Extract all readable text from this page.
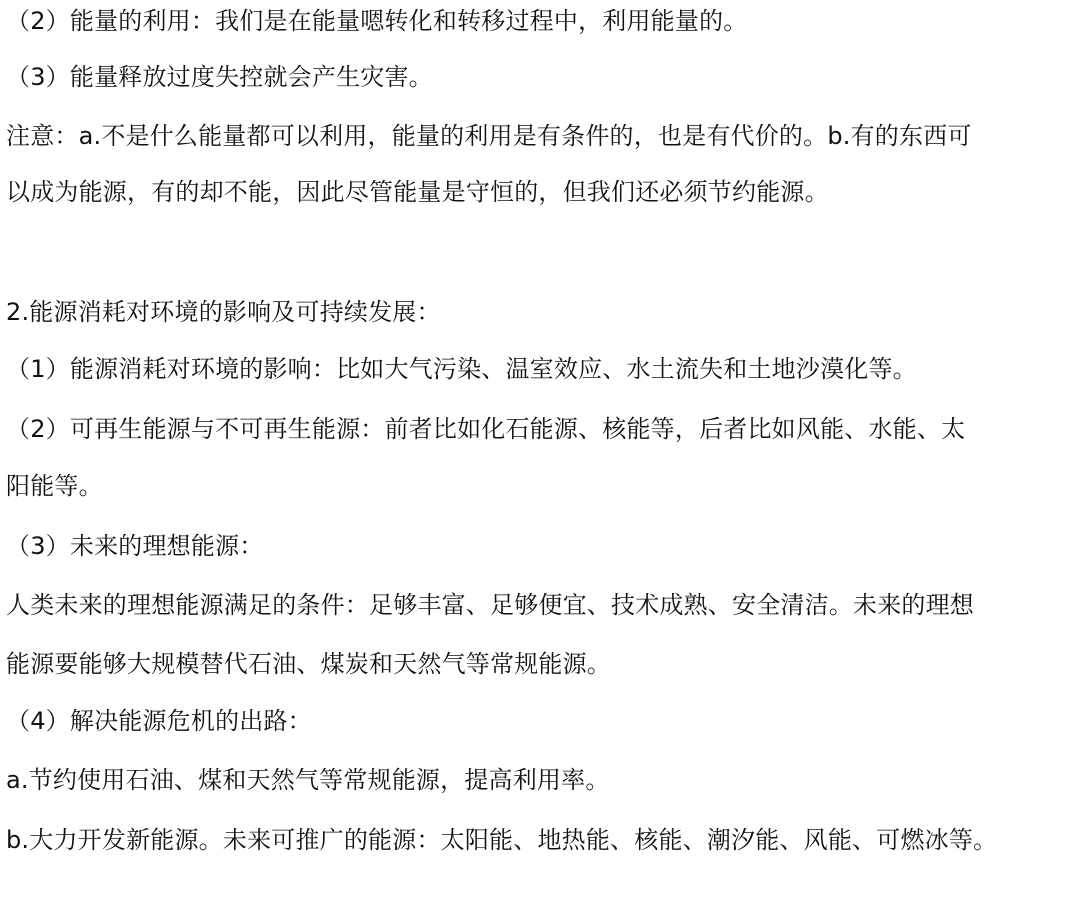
（2）能量的利用：我们是在能量嗯转化和转移过程中，利用能量的。
（3）能量释放过度失控就会产生灾害。
注意：a.不是什么能量都可以利用，能量的利用是有条件的，也是有代价的。b.有的东西可
以成为能源，有的却不能，因此尽管能量是守恒的，但我们还必须节约能源。
2.能源消耗对环境的影响及可持续发展：
（1）能源消耗对环境的影响：比如大气污染、温室效应、水土流失和土地沙漠化等。
（2）可再生能源与不可再生能源：前者比如化石能源、核能等，后者比如风能、水能、太
阳能等。
（3）未来的理想能源：
人类未来的理想能源满足的条件：足够丰富、足够便宜、技术成熟、安全清洁。未来的理想
能源要能够大规模替代石油、煤炭和天然气等常规能源。
（4）解决能源危机的出路：
a.节约使用石油、煤和天然气等常规能源，提高利用率。
b.大力开发新能源。未来可推广的能源：太阳能、地热能、核能、潮汐能、风能、可燃冰等。
